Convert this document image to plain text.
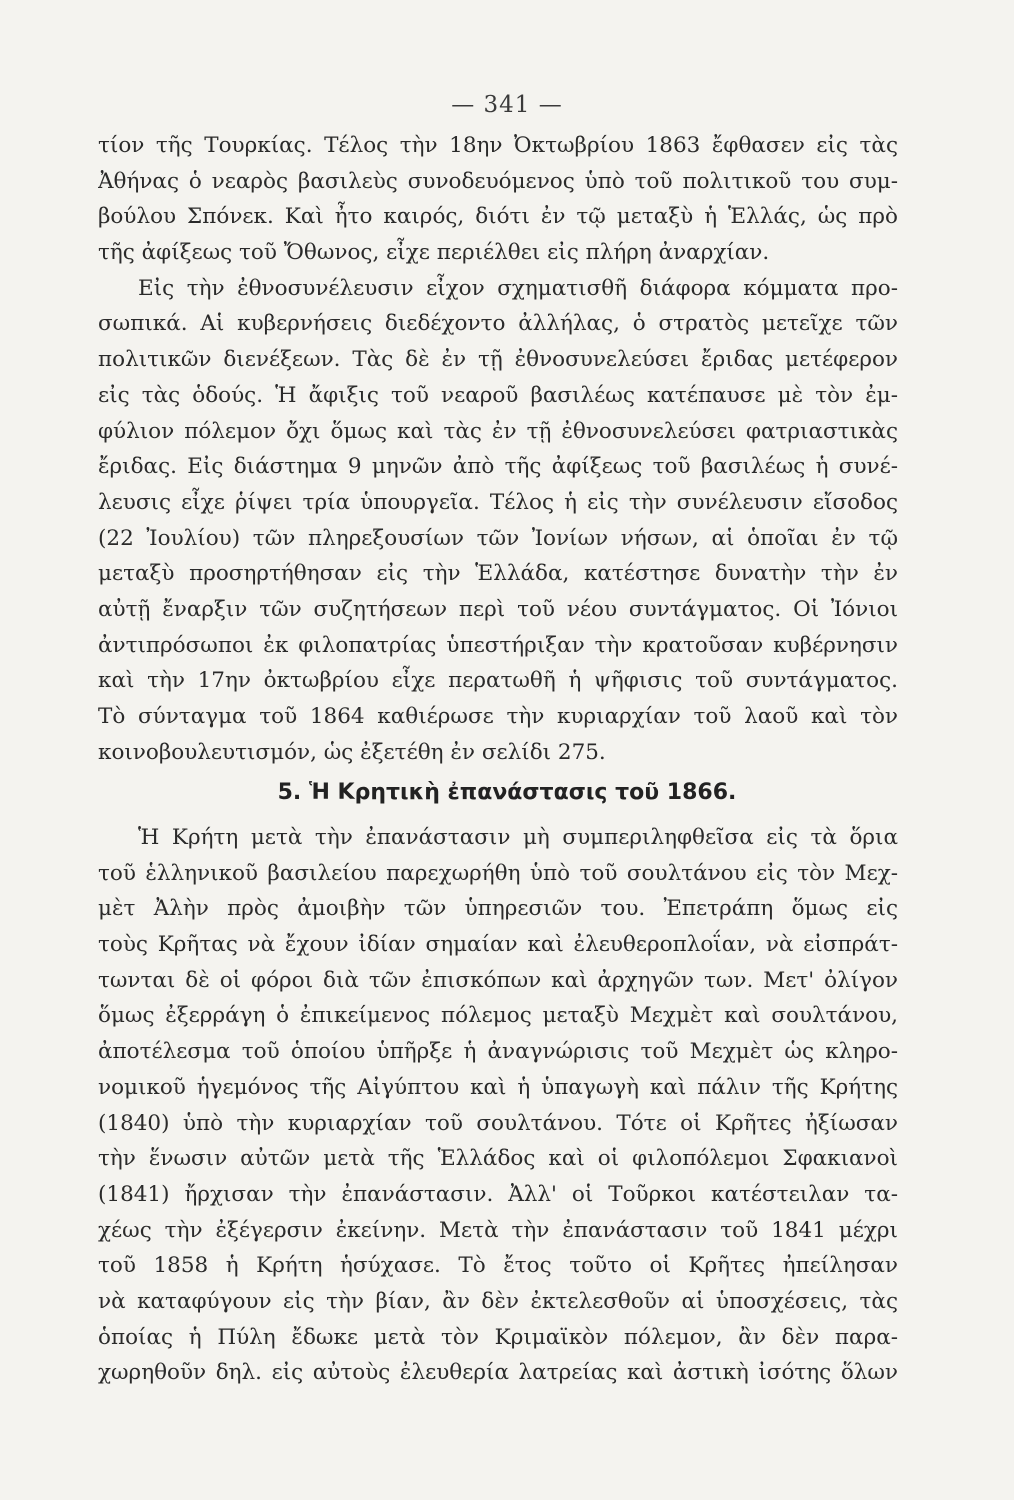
— 341 —
τίον τῆς Τουρκίας. Τέλος τὴν 18ην Ὀκτωβρίου 1863 ἔφθασεν εἰς τὰς
Ἀθήνας ὁ νεαρὸς βασιλεὺς συνοδευόμενος ὑπὸ τοῦ πολιτικοῦ του συμ-
βούλου Σπόνεκ. Καὶ ἦτο καιρός, διότι ἐν τῷ μεταξὺ ἡ Ἑλλάς, ὡς πρὸ
τῆς ἀφίξεως τοῦ Ὄθωνος, εἶχε περιέλθει εἰς πλήρη ἀναρχίαν.
Εἰς τὴν ἐθνοσυνέλευσιν εἶχον σχηματισθῆ διάφορα κόμματα προ-
σωπικά. Αἱ κυβερνήσεις διεδέχοντο ἀλλήλας, ὁ στρατὸς μετεῖχε τῶν
πολιτικῶν διενέξεων. Τὰς δὲ ἐν τῇ ἐθνοσυνελεύσει ἔριδας μετέφερον
εἰς τὰς ὁδούς. Ἡ ἄφιξις τοῦ νεαροῦ βασιλέως κατέπαυσε μὲ τὸν ἐμ-
φύλιον πόλεμον ὄχι ὅμως καὶ τὰς ἐν τῇ ἐθνοσυνελεύσει φατριαστικὰς
ἔριδας. Εἰς διάστημα 9 μηνῶν ἀπὸ τῆς ἀφίξεως τοῦ βασιλέως ἡ συνέ-
λευσις εἶχε ῥίψει τρία ὑπουργεῖα. Τέλος ἡ εἰς τὴν συνέλευσιν εἴσοδος
(22 Ἰουλίου) τῶν πληρεξουσίων τῶν Ἰονίων νήσων, αἱ ὁποῖαι ἐν τῷ
μεταξὺ προσηρτήθησαν εἰς τὴν Ἑλλάδα, κατέστησε δυνατὴν τὴν ἐν
αὐτῇ ἔναρξιν τῶν συζητήσεων περὶ τοῦ νέου συντάγματος. Οἱ Ἰόνιοι
ἀντιπρόσωποι ἐκ φιλοπατρίας ὑπεστήριξαν τὴν κρατοῦσαν κυβέρνησιν
καὶ τὴν 17ην ὀκτωβρίου εἶχε περατωθῆ ἡ ψῆφισις τοῦ συντάγματος.
Τὸ σύνταγμα τοῦ 1864 καθιέρωσε τὴν κυριαρχίαν τοῦ λαοῦ καὶ τὸν
κοινοβουλευτισμόν, ὡς ἐξετέθη ἐν σελίδι 275.
5. Ἡ Κρητικὴ ἐπανάστασις τοῦ 1866.
Ἡ Κρήτη μετὰ τὴν ἐπανάστασιν μὴ συμπεριληφθεῖσα εἰς τὰ ὅρια
τοῦ ἑλληνικοῦ βασιλείου παρεχωρήθη ὑπὸ τοῦ σουλτάνου εἰς τὸν Μεχ-
μὲτ Ἀλὴν πρὸς ἀμοιβὴν τῶν ὑπηρεσιῶν του. Ἐπετράπη ὅμως εἰς
τοὺς Κρῆτας νὰ ἔχουν ἰδίαν σημαίαν καὶ ἐλευθεροπλοΐαν, νὰ εἰσπράτ-
τωνται δὲ οἱ φόροι διὰ τῶν ἐπισκόπων καὶ ἀρχηγῶν των. Μετ' ὀλίγον
ὅμως ἐξερράγη ὁ ἐπικείμενος πόλεμος μεταξὺ Μεχμὲτ καὶ σουλτάνου,
ἀποτέλεσμα τοῦ ὁποίου ὑπῆρξε ἡ ἀναγνώρισις τοῦ Μεχμὲτ ὡς κληρο-
νομικοῦ ἡγεμόνος τῆς Αἰγύπτου καὶ ἡ ὑπαγωγὴ καὶ πάλιν τῆς Κρήτης
(1840) ὑπὸ τὴν κυριαρχίαν τοῦ σουλτάνου. Τότε οἱ Κρῆτες ἠξίωσαν
τὴν ἕνωσιν αὐτῶν μετὰ τῆς Ἑλλάδος καὶ οἱ φιλοπόλεμοι Σφακιανοὶ
(1841) ἤρχισαν τὴν ἐπανάστασιν. Ἀλλ' οἱ Τοῦρκοι κατέστειλαν τα-
χέως τὴν ἐξέγερσιν ἐκείνην. Μετὰ τὴν ἐπανάστασιν τοῦ 1841 μέχρι
τοῦ 1858 ἡ Κρήτη ἡσύχασε. Τὸ ἔτος τοῦτο οἱ Κρῆτες ἠπείλησαν
νὰ καταφύγουν εἰς τὴν βίαν, ἂν δὲν ἐκτελεσθοῦν αἱ ὑποσχέσεις, τὰς
ὁποίας ἡ Πύλη ἔδωκε μετὰ τὸν Κριμαϊκὸν πόλεμον, ἂν δὲν παρα-
χωρηθοῦν δηλ. εἰς αὐτοὺς ἐλευθερία λατρείας καὶ ἀστικὴ ἰσότης ὅλων
